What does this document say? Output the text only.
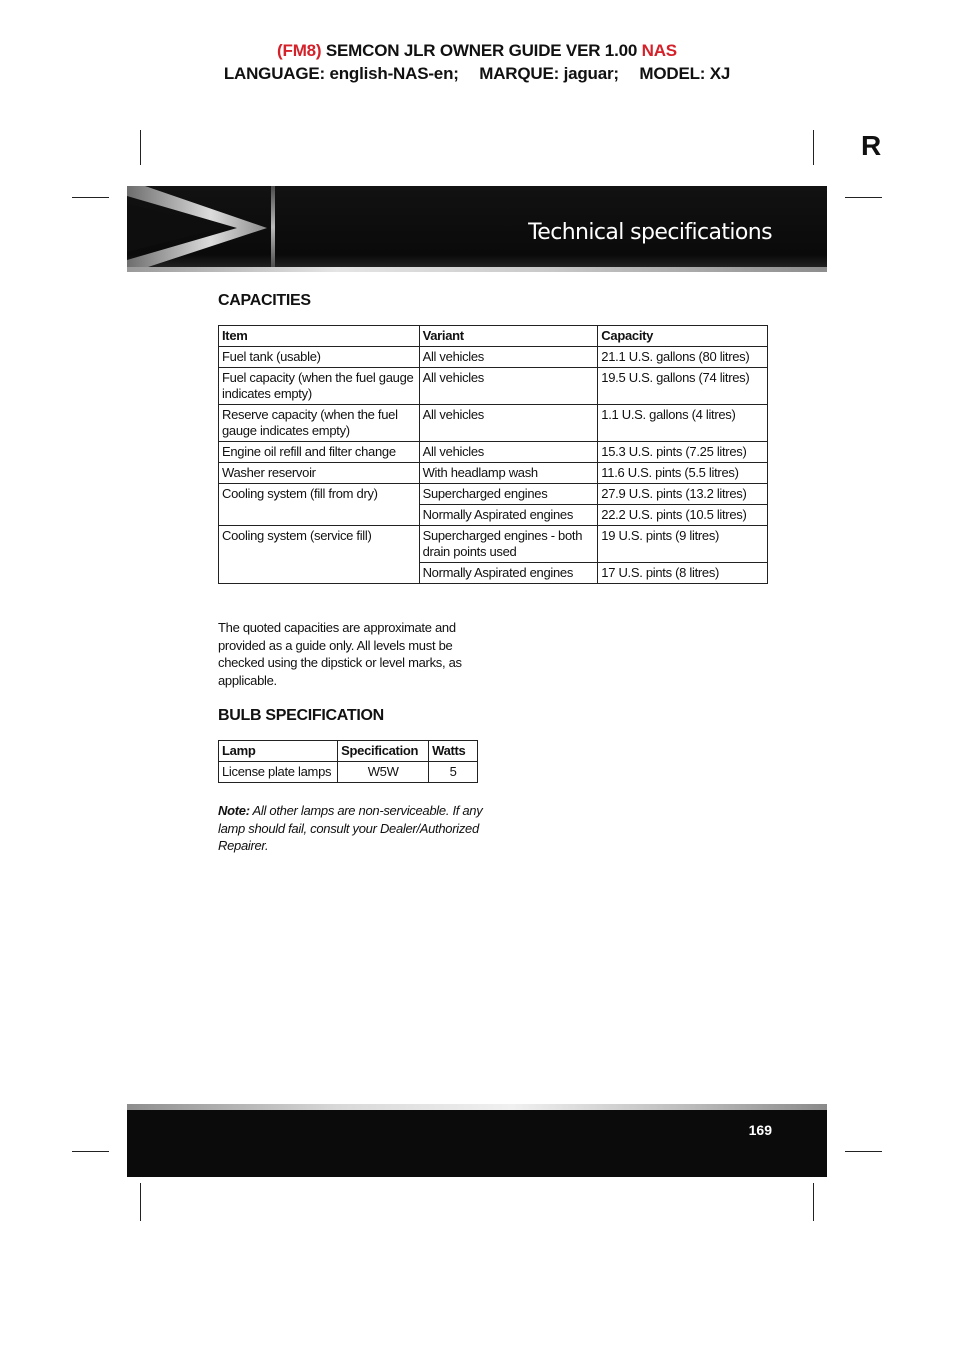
(FM8) SEMCON JLR OWNER GUIDE VER 1.00 NAS
LANGUAGE: english-NAS-en; MARQUE: jaguar; MODEL: XJ
R
Technical specifications
CAPACITIES
Item	Variant	Capacity
Fuel tank (usable)	All vehicles	21.1 U.S. gallons (80 litres)
Fuel capacity (when the fuel gauge indicates empty)	All vehicles	19.5 U.S. gallons (74 litres)
Reserve capacity (when the fuel gauge indicates empty)	All vehicles	1.1 U.S. gallons (4 litres)
Engine oil refill and filter change	All vehicles	15.3 U.S. pints (7.25 litres)
Washer reservoir	With headlamp wash	11.6 U.S. pints (5.5 litres)
Cooling system (fill from dry)	Supercharged engines	27.9 U.S. pints (13.2 litres)
	Normally Aspirated engines	22.2 U.S. pints (10.5 litres)
Cooling system (service fill)	Supercharged engines - both drain points used	19 U.S. pints (9 litres)
	Normally Aspirated engines	17 U.S. pints (8 litres)
The quoted capacities are approximate and provided as a guide only. All levels must be checked using the dipstick or level marks, as applicable.
BULB SPECIFICATION
Lamp	Specification	Watts
License plate lamps	W5W	5
Note: All other lamps are non-serviceable. If any lamp should fail, consult your Dealer/Authorized Repairer.
169
